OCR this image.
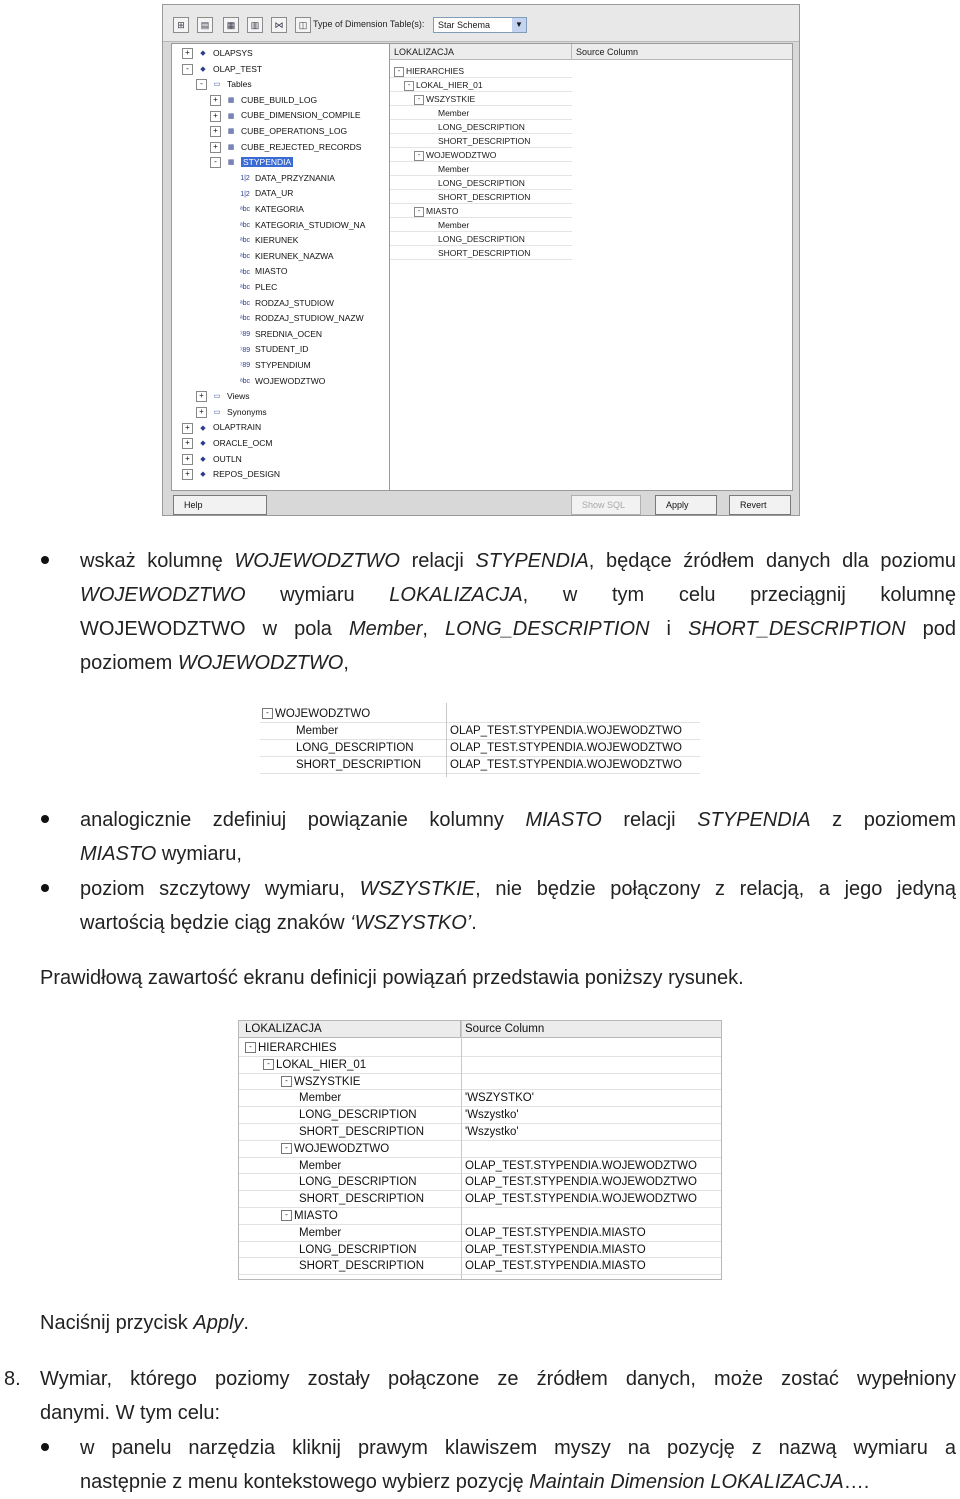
⊞	▤	▦	▥	⋈	◫ Type of Dimension Table(s):	Star Schema	▼
+ ◆ OLAPSYS
- ◆ OLAP_TEST
- ▭ Tables
+ ▦ CUBE_BUILD_LOG
+ ▦ CUBE_DIMENSION_COMPILE
+ ▦ CUBE_OPERATIONS_LOG
+ ▦ CUBE_REJECTED_RECORDS
- ▦ STYPENDIA
1|2 DATA_PRZYZNANIA
1|2 DATA_UR
ᵃbc KATEGORIA
ᵃbc KATEGORIA_STUDIOW_NA
ᵃbc KIERUNEK
ᵃbc KIERUNEK_NAZWA
ᵃbc MIASTO
ᵃbc PLEC
ᵃbc RODZAJ_STUDIOW
ᵃbc RODZAJ_STUDIOW_NAZW
⁷89 SREDNIA_OCEN
⁷89 STUDENT_ID
⁷89 STYPENDIUM
ᵃbc WOJEWODZTWO
+ ▭ Views
+ ▭ Synonyms
+ ◆ OLAPTRAIN
+ ◆ ORACLE_OCM
+ ◆ OUTLN
+ ◆ REPOS_DESIGN
LOKALIZACJA	Source Column
- HIERARCHIES
- LOKAL_HIER_01
- WSZYSTKIE
Member
LONG_DESCRIPTION
SHORT_DESCRIPTION
- WOJEWODZTWO
Member
LONG_DESCRIPTION
SHORT_DESCRIPTION
- MIASTO
Member
LONG_DESCRIPTION
SHORT_DESCRIPTION
Help	Show SQL	Apply	Revert
wskaż kolumnę WOJEWODZTWO relacji STYPENDIA, będące źródłem danych dla poziomu
WOJEWODZTWO wymiaru LOKALIZACJA, w tym celu przeciągnij kolumnę
WOJEWODZTWO w pola Member, LONG_DESCRIPTION i SHORT_DESCRIPTION pod
poziomem WOJEWODZTWO,
- WOJEWODZTWO
Member	OLAP_TEST.STYPENDIA.WOJEWODZTWO
LONG_DESCRIPTION	OLAP_TEST.STYPENDIA.WOJEWODZTWO
SHORT_DESCRIPTION	OLAP_TEST.STYPENDIA.WOJEWODZTWO
analogicznie zdefiniuj powiązanie kolumny MIASTO relacji STYPENDIA z poziomem
MIASTO wymiaru,
poziom szczytowy wymiaru, WSZYSTKIE, nie będzie połączony z relacją, a jego jedyną
wartością będzie ciąg znaków ‘WSZYSTKO’.
Prawidłową zawartość ekranu definicji powiązań przedstawia poniższy rysunek.
LOKALIZACJA	Source Column
- HIERARCHIES
- LOKAL_HIER_01
- WSZYSTKIE
Member	'WSZYSTKO'
LONG_DESCRIPTION	'Wszystko'
SHORT_DESCRIPTION	'Wszystko'
- WOJEWODZTWO
Member	OLAP_TEST.STYPENDIA.WOJEWODZTWO
LONG_DESCRIPTION	OLAP_TEST.STYPENDIA.WOJEWODZTWO
SHORT_DESCRIPTION	OLAP_TEST.STYPENDIA.WOJEWODZTWO
- MIASTO
Member	OLAP_TEST.STYPENDIA.MIASTO
LONG_DESCRIPTION	OLAP_TEST.STYPENDIA.MIASTO
SHORT_DESCRIPTION	OLAP_TEST.STYPENDIA.MIASTO
Naciśnij przycisk Apply.
8. Wymiar, którego poziomy zostały połączone ze źródłem danych, może zostać wypełniony
danymi. W tym celu:
w panelu narzędzia kliknij prawym klawiszem myszy na pozycję z nazwą wymiaru a
następnie z menu kontekstowego wybierz pozycję Maintain Dimension LOKALIZACJA….
